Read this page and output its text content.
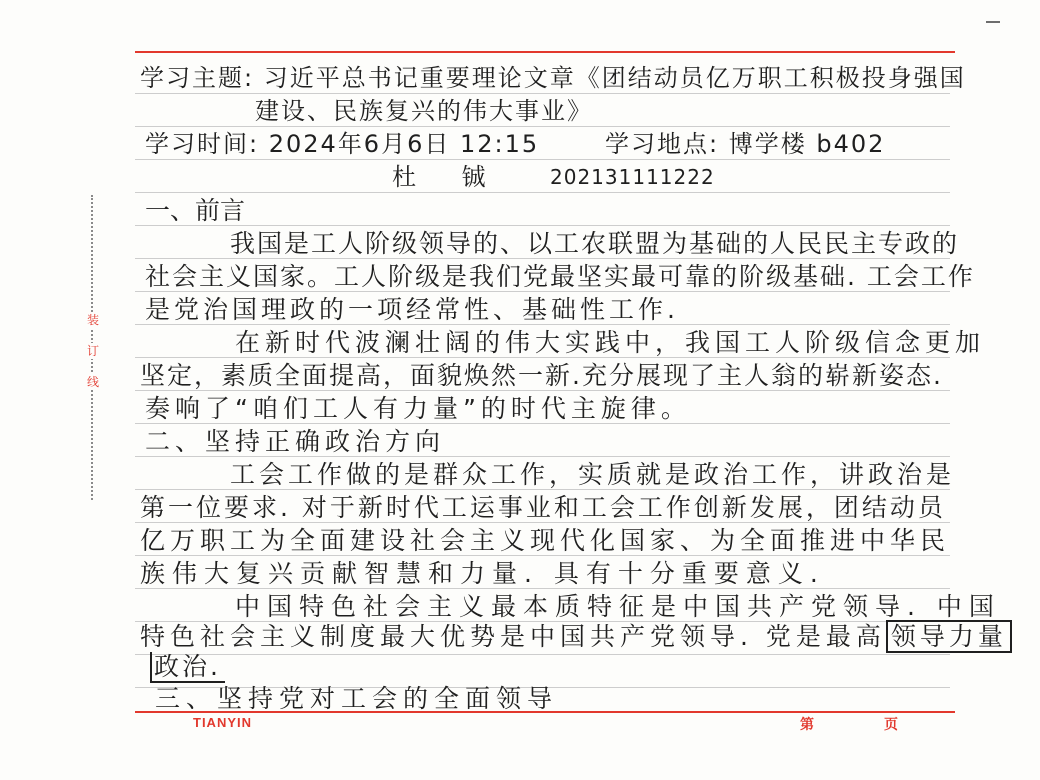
装
订
线
学习主题: 习近平总书记重要理论文章《团结动员亿万职工积极投身强国
建设、民族复兴的伟大事业》
学习时间: 2024年6月6日 12:15	学习地点: 博学楼 b402
杜 铖	202131111222
一、前言
我国是工人阶级领导的、以工农联盟为基础的人民民主专政的
社会主义国家。工人阶级是我们党最坚实最可靠的阶级基础. 工会工作
是党治国理政的一项经常性、基础性工作.
在新时代波澜壮阔的伟大实践中，我国工人阶级信念更加
坚定，素质全面提高，面貌焕然一新.充分展现了主人翁的崭新姿态.
奏响了“咱们工人有力量”的时代主旋律。
二、坚持正确政治方向
工会工作做的是群众工作，实质就是政治工作，讲政治是
第一位要求. 对于新时代工运事业和工会工作创新发展，团结动员
亿万职工为全面建设社会主义现代化国家、为全面推进中华民
族伟大复兴贡献智慧和力量. 具有十分重要意义.
中国特色社会主义最本质特征是中国共产党领导. 中国
特色社会主义制度最大优势是中国共产党领导. 党是最高 领导力量
政治.
三、坚持党对工会的全面领导
TIANYIN	第	页
